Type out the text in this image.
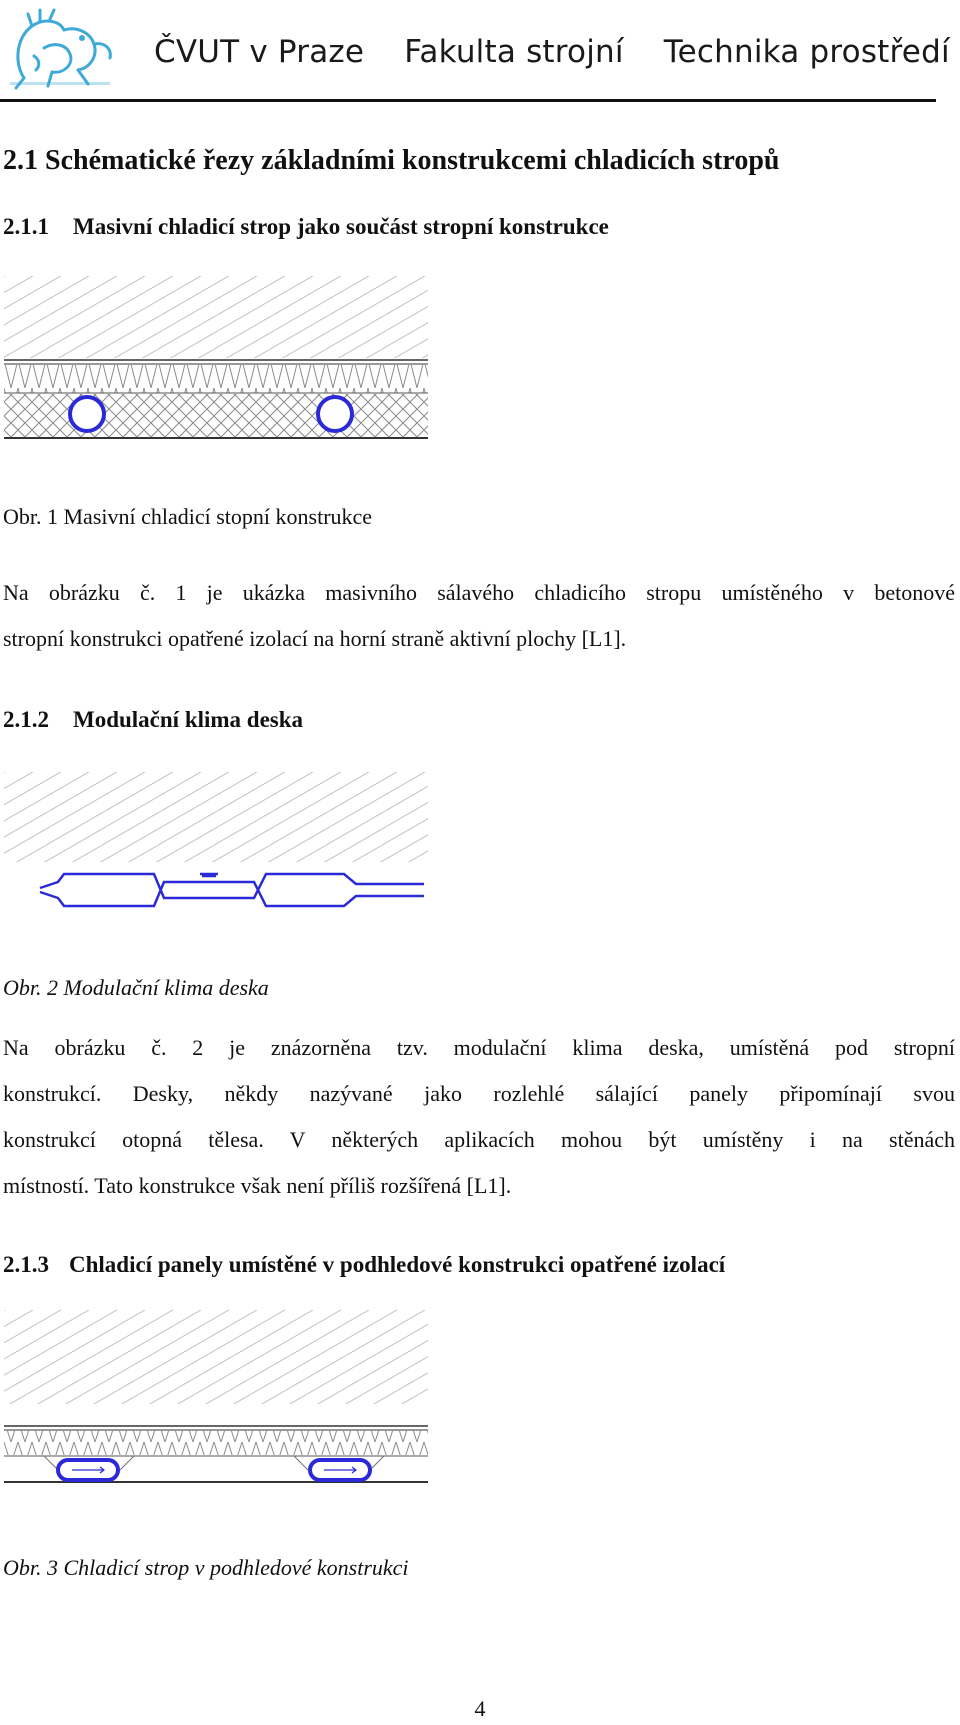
ČVUT v Praze Fakulta strojní Technika prostředí
2.1 Schématické řezy základními konstrukcemi chladicích stropů
2.1.1 Masivní chladicí strop jako součást stropní konstrukce
Obr. 1 Masivní chladicí stopní konstrukce
Na obrázku č. 1 je ukázka masivního sálavého chladicího stropu umístěného v betonové
stropní konstrukci opatřené izolací na horní straně aktivní plochy [L1].
2.1.2 Modulační klima deska
Obr. 2 Modulační klima deska
Na obrázku č. 2 je znázorněna tzv. modulační klima deska, umístěná pod stropní
konstrukcí. Desky, někdy nazývané jako rozlehlé sálající panely připomínají svou
konstrukcí otopná tělesa. V některých aplikacích mohou být umístěny i na stěnách
místností. Tato konstrukce však není příliš rozšířená [L1].
2.1.3 Chladicí panely umístěné v podhledové konstrukci opatřené izolací
Obr. 3 Chladicí strop v podhledové konstrukci
4
